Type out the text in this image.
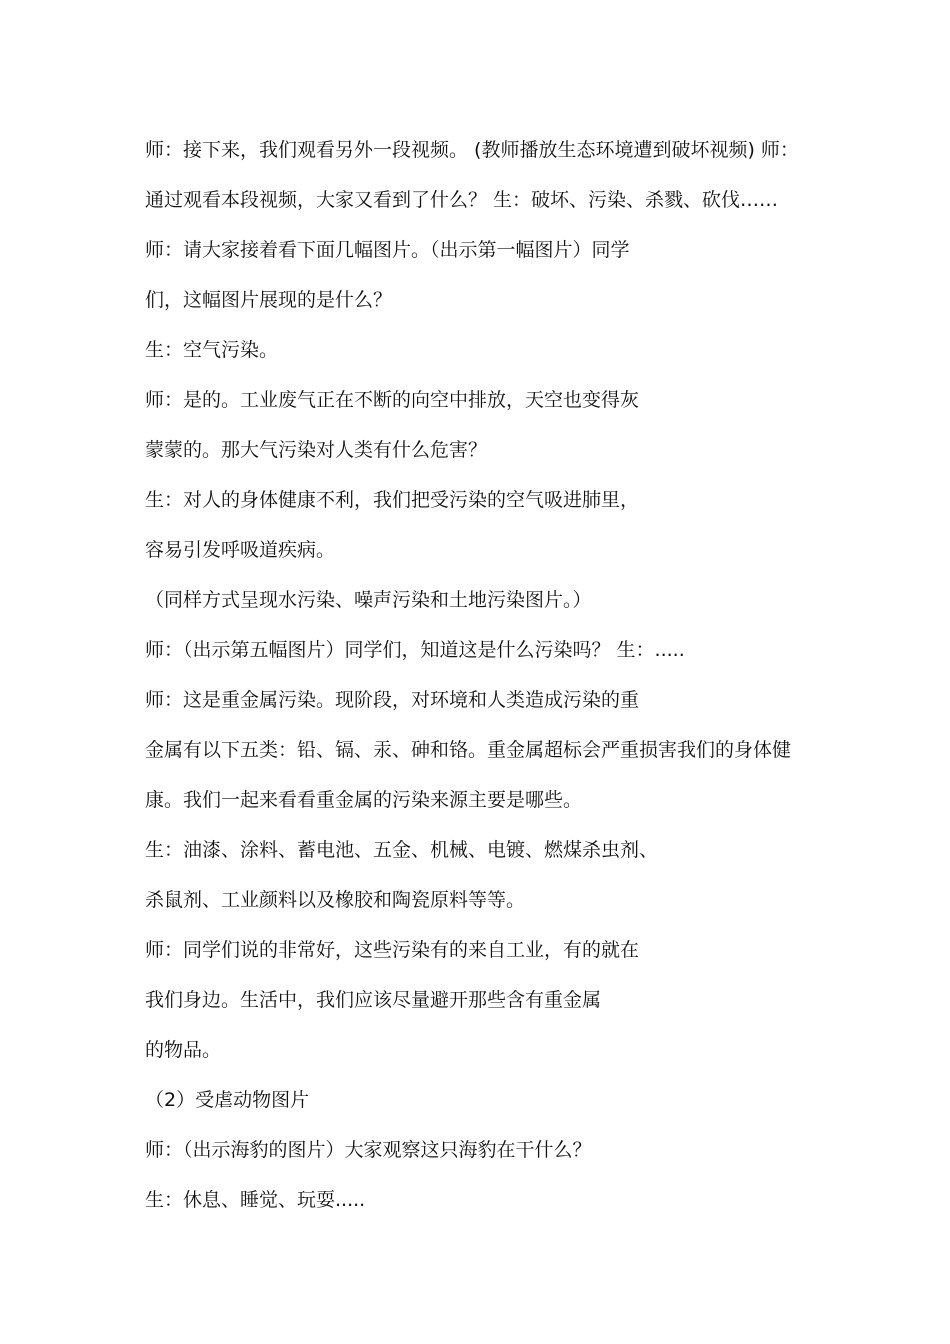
师：接下来，我们观看另外一段视频。 (教师播放生态环境遭到破坏视频) 师：
通过观看本段视频，大家又看到了什么？ 生：破坏、污染、杀戮、砍伐……
师：请大家接着看下面几幅图片。（出示第一幅图片）同学
们，这幅图片展现的是什么？
生：空气污染。
师：是的。工业废气正在不断的向空中排放，天空也变得灰
蒙蒙的。那大气污染对人类有什么危害？
生：对人的身体健康不利，我们把受污染的空气吸进肺里，
容易引发呼吸道疾病。
（同样方式呈现水污染、噪声污染和土地污染图片。）
师：（出示第五幅图片）同学们，知道这是什么污染吗？ 生：.....
师：这是重金属污染。现阶段，对环境和人类造成污染的重
金属有以下五类：铅、镉、汞、砷和铬。重金属超标会严重损害我们的身体健
康。我们一起来看看重金属的污染来源主要是哪些。
生：油漆、涂料、蓄电池、五金、机械、电镀、燃煤杀虫剂、
杀鼠剂、工业颜料以及橡胶和陶瓷原料等等。
师：同学们说的非常好，这些污染有的来自工业，有的就在
我们身边。生活中，我们应该尽量避开那些含有重金属
的物品。
（2）受虐动物图片
师：（出示海豹的图片）大家观察这只海豹在干什么？
生：休息、睡觉、玩耍.....
